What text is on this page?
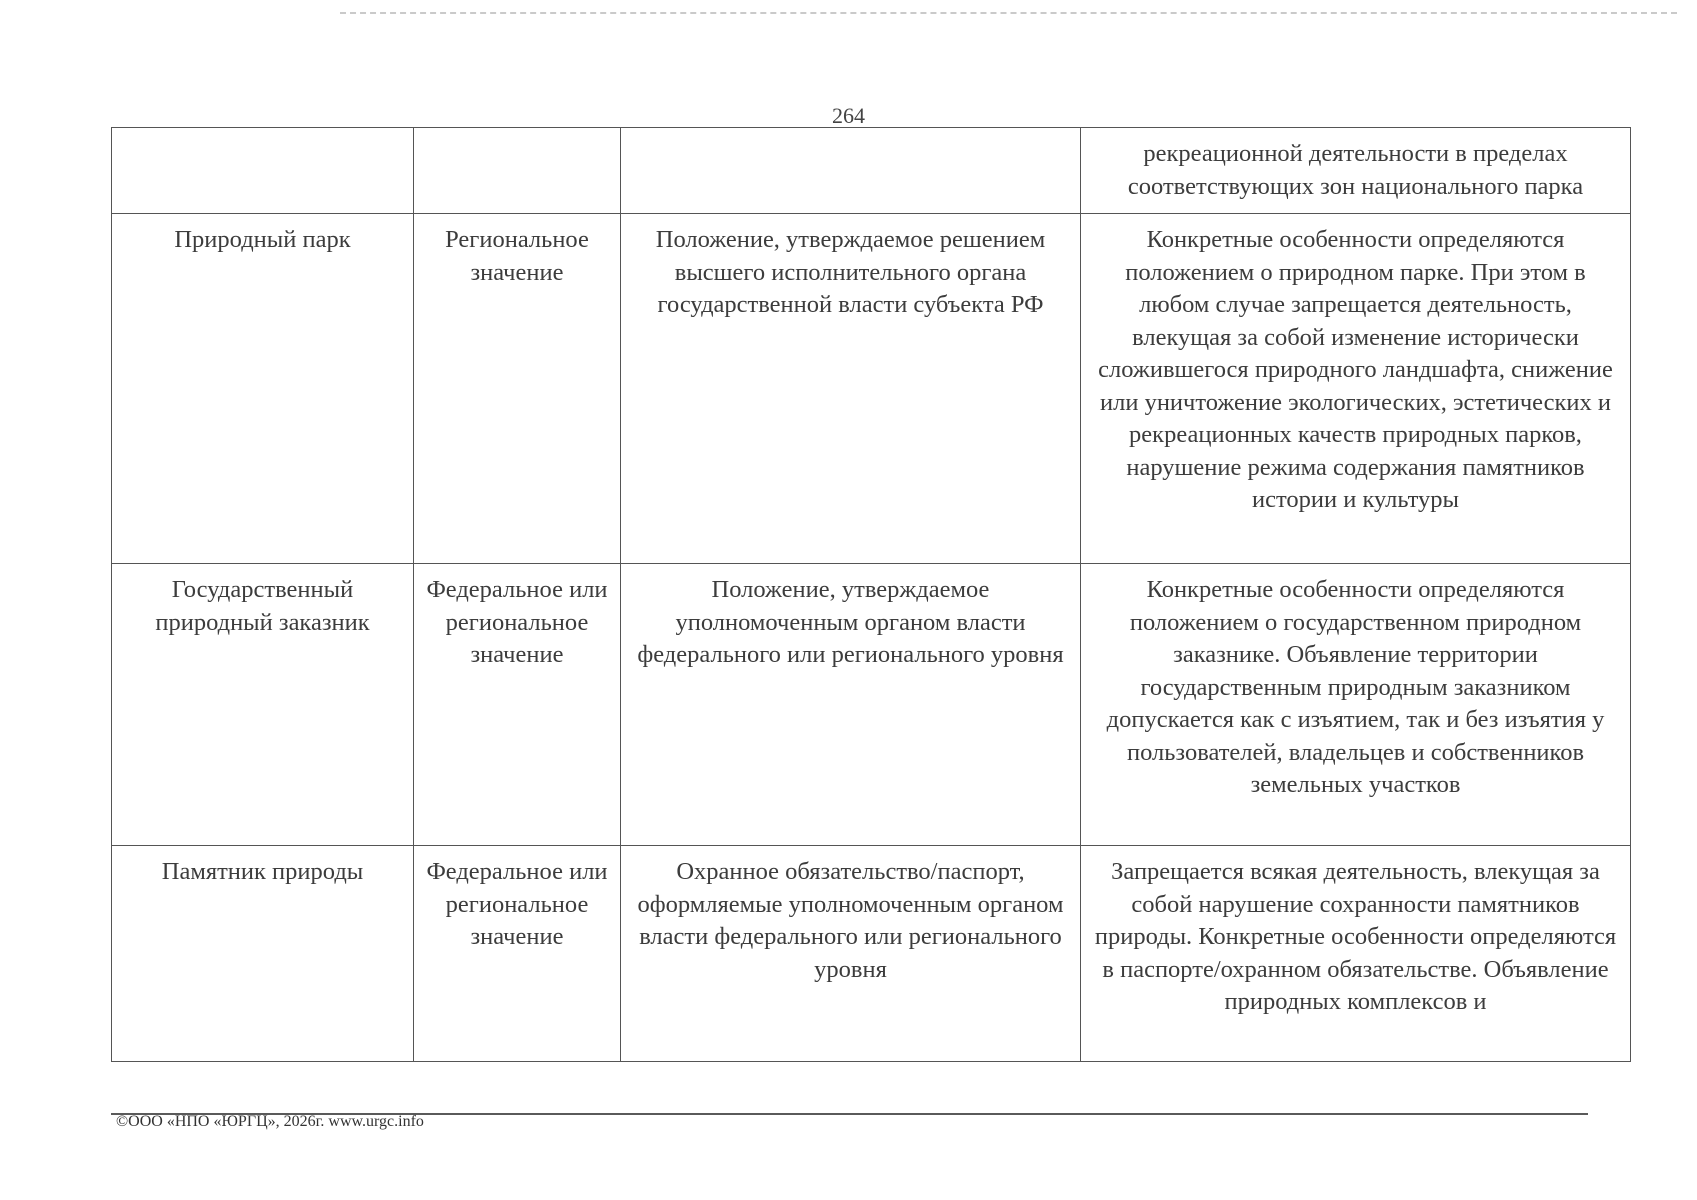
264
			рекреационной деятельности в пределах соответствующих зон национального парка
Природный парк	Региональное значение	Положение, утверждаемое решением высшего исполнительного органа государственной власти субъекта РФ	Конкретные особенности определяются положением о природном парке. При этом в любом случае запрещается деятельность, влекущая за собой изменение исторически сложившегося природного ландшафта, снижение или уничтожение экологических, эстетических и рекреационных качеств природных парков, нарушение режима содержания памятников истории и культуры
Государственный природный заказник	Федеральное или региональное значение	Положение, утверждаемое уполномоченным органом власти федерального или регионального уровня	Конкретные особенности определяются положением о государственном природном заказнике. Объявление территории государственным природным заказником допускается как с изъятием, так и без изъятия у пользователей, владельцев и собственников земельных участков
Памятник природы	Федеральное или региональное значение	Охранное обязательство/паспорт, оформляемые уполномоченным органом власти федерального или регионального уровня	Запрещается всякая деятельность, влекущая за собой нарушение сохранности памятников природы. Конкретные особенности определяются в паспорте/охранном обязательстве. Объявление природных комплексов и
©ООО «НПО «ЮРГЦ», 2026г. www.urgc.info
